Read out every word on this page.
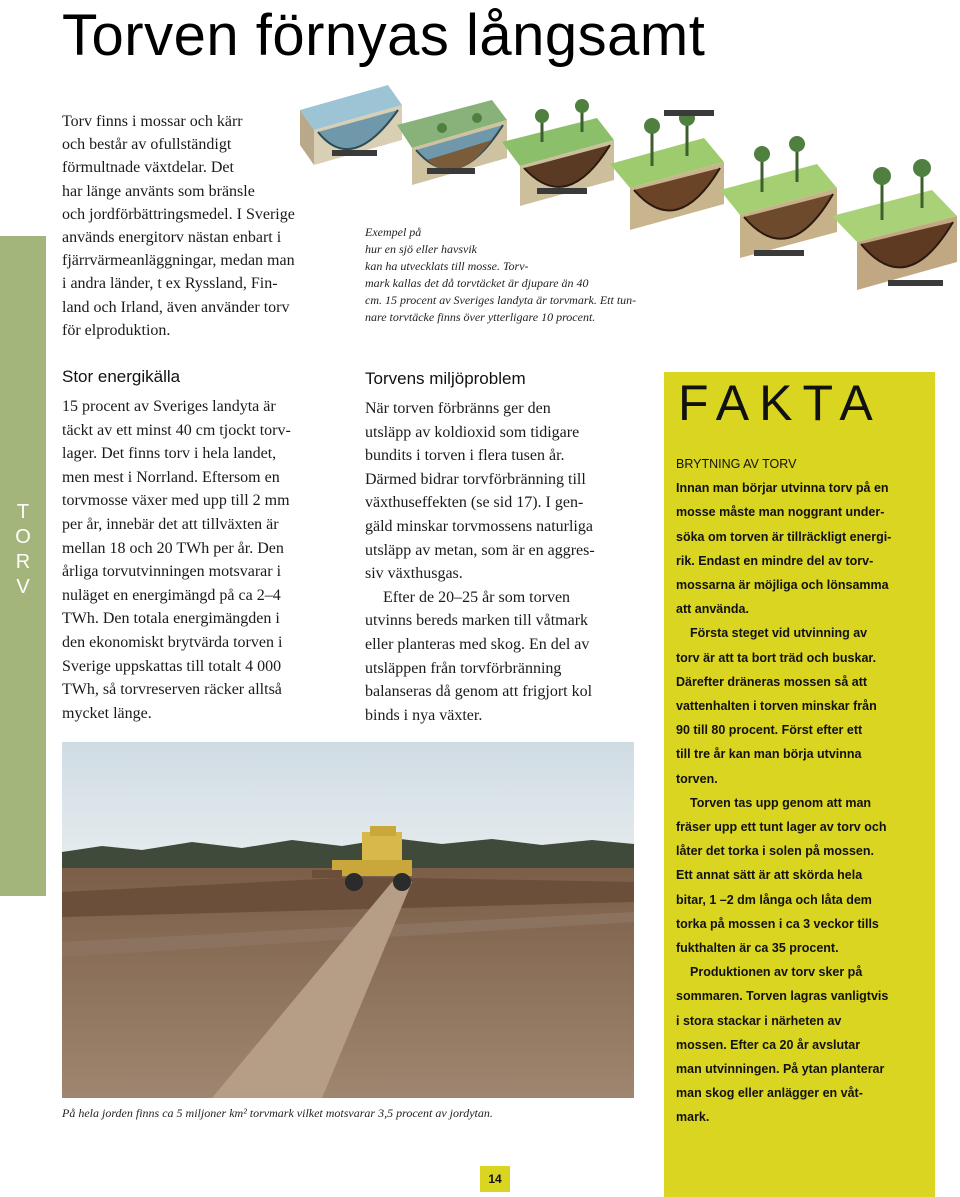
Torven förnyas långsamt
T
O
R
V

Torv finns i mossar och kärr
och består av ofullständigt
förmultnade växtdelar. Det
har länge använts som bränsle
och jordförbättringsmedel. I Sverige
används energitorv nästan enbart i
fjärrvärmeanläggningar, medan man
i andra länder, t ex Ryssland, Fin-
land och Irland, även använder torv
för elproduktion.

Exempel på
hur en sjö eller havsvik
kan ha utvecklats till mosse. Torv-
mark kallas det då torvtäcket är djupare än 40
cm. 15 procent av Sveriges landyta är torvmark. Ett tun-
nare torvtäcke finns över ytterligare 10 procent.
Stor energikälla
15 procent av Sveriges landyta är
täckt av ett minst 40 cm tjockt torv-
lager. Det finns torv i hela landet,
men mest i Norrland. Eftersom en
torvmosse växer med upp till 2 mm
per år, innebär det att tillväxten är
mellan 18 och 20 TWh per år. Den
årliga torvutvinningen motsvarar i
nuläget en energimängd på ca 2–4
TWh. Den totala energimängden i
den ekonomiskt brytvärda torven i
Sverige uppskattas till totalt 4 000
TWh, så torvreserven räcker alltså
mycket länge.
Torvens miljöproblem
När torven förbränns ger den
utsläpp av koldioxid som tidigare
bundits i torven i flera tusen år.
Därmed bidrar torvförbränning till
växthuseffekten (se sid 17). I gen-
gäld minskar torvmossens naturliga
utsläpp av metan, som är en aggres-
siv växthusgas.
Efter de 20–25 år som torven
utvinns bereds marken till våtmark
eller planteras med skog. En del av
utsläppen från torvförbränning
balanseras då genom att frigjort kol
binds i nya växter.
FAKTA
BRYTNING AV TORV
Innan man börjar utvinna torv på en
mosse måste man noggrant under-
söka om torven är tillräckligt energi-
rik. Endast en mindre del av torv-
mossarna är möjliga och lönsamma
att använda.
Första steget vid utvinning av
torv är att ta bort träd och buskar.
Därefter dräneras mossen så att
vattenhalten i torven minskar från
90 till 80 procent. Först efter ett
till tre år kan man börja utvinna
torven.
Torven tas upp genom att man
fräser upp ett tunt lager av torv och
låter det torka i solen på mossen.
Ett annat sätt är att skörda hela
bitar, 1 –2 dm långa och låta dem
torka på mossen i ca 3 veckor tills
fukthalten är ca 35 procent.
Produktionen av torv sker på
sommaren. Torven lagras vanligtvis
i stora stackar i närheten av
mossen. Efter ca 20 år avslutar
man utvinningen. På ytan planterar
man skog eller anlägger en våt-
mark.
På hela jorden finns ca 5 miljoner km² torvmark vilket motsvarar 3,5 procent av jordytan.
14
